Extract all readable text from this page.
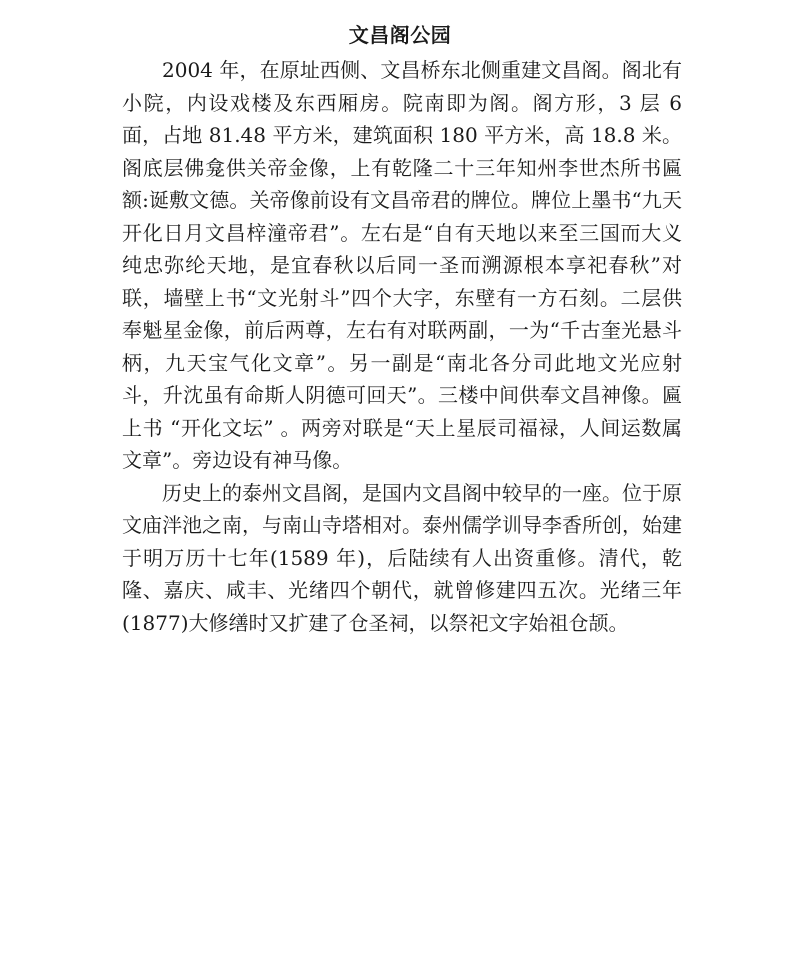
文昌阁公园

2004 年，在原址西侧、文昌桥东北侧重建文昌阁。阁北有小院，内设戏楼及东西厢房。院南即为阁。阁方形，3 层 6 面，占地 81.48 平方米，建筑面积 180 平方米，高 18.8 米。阁底层佛龛供关帝金像，上有乾隆二十三年知州李世杰所书匾额:诞敷文德。关帝像前设有文昌帝君的牌位。牌位上墨书“九天开化日月文昌梓潼帝君”。左右是“自有天地以来至三国而大义纯忠弥纶天地，是宜春秋以后同一圣而溯源根本享祀春秋”对联，墙壁上书“文光射斗”四个大字，东壁有一方石刻。二层供奉魁星金像，前后两尊，左右有对联两副，一为“千古奎光悬斗柄，九天宝气化文章”。另一副是“南北各分司此地文光应射斗，升沈虽有命斯人阴德可回天”。三楼中间供奉文昌神像。匾上书 “开化文坛” 。两旁对联是“天上星辰司福禄，人间运数属文章”。旁边设有神马像。

历史上的泰州文昌阁，是国内文昌阁中较早的一座。位于原文庙泮池之南，与南山寺塔相对。泰州儒学训导李香所创，始建于明万历十七年(1589 年)，后陆续有人出资重修。清代，乾隆、嘉庆、咸丰、光绪四个朝代，就曾修建四五次。光绪三年(1877)大修缮时又扩建了仓圣祠，以祭祀文字始祖仓颉。
